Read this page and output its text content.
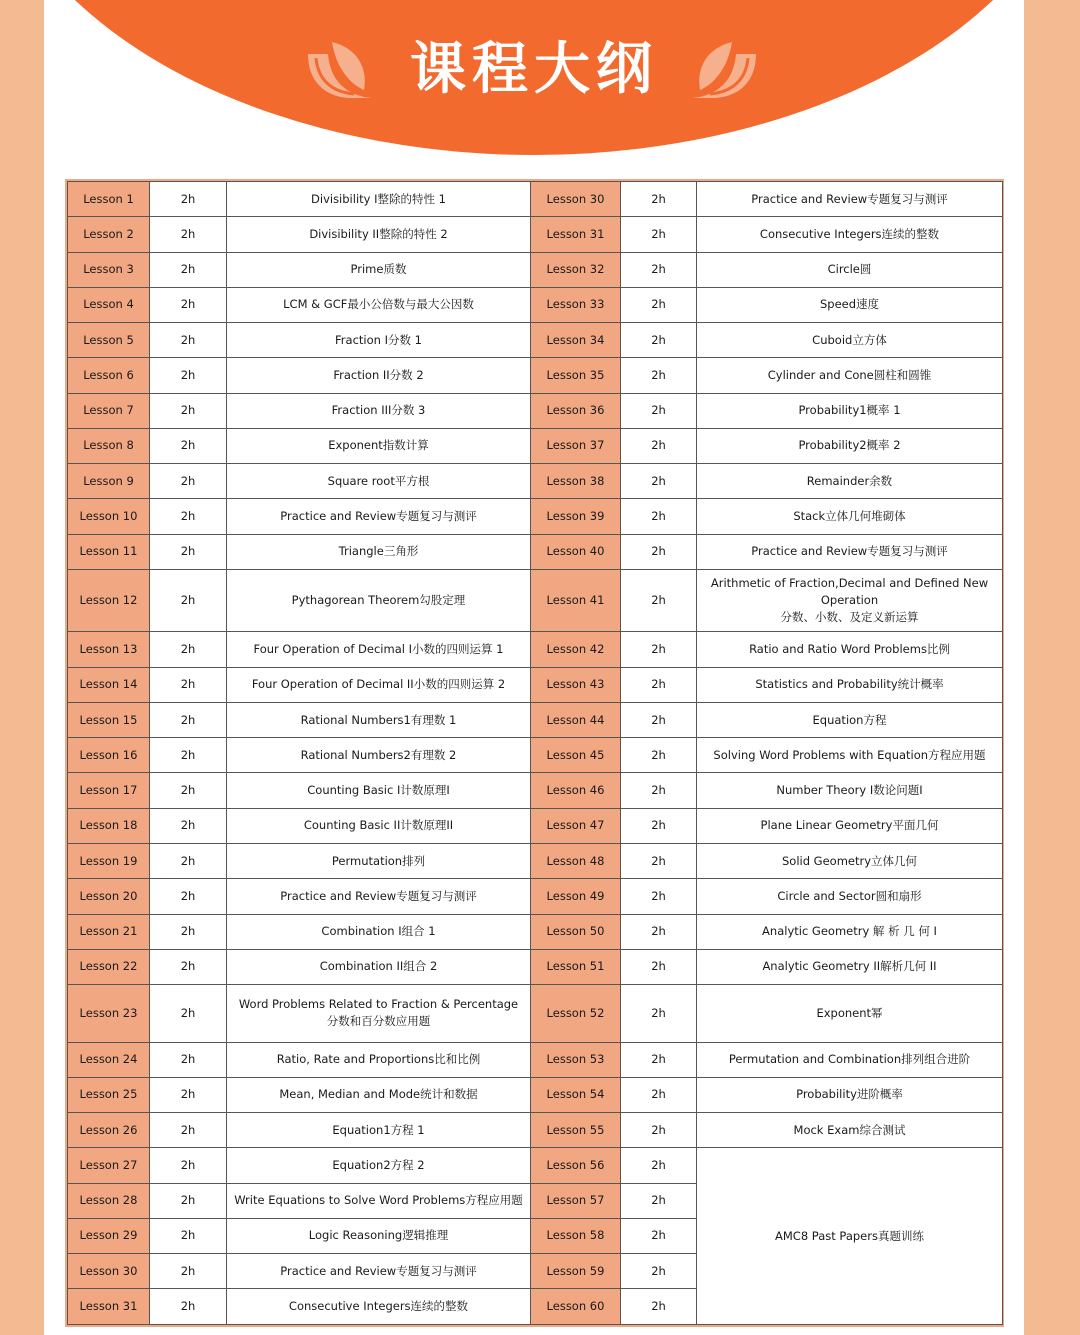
课程大纲
Lesson 1	2h	Divisibility I整除的特性 1	Lesson 30	2h	Practice and Review专题复习与测评
Lesson 2	2h	Divisibility II整除的特性 2	Lesson 31	2h	Consecutive Integers连续的整数
Lesson 3	2h	Prime质数	Lesson 32	2h	Circle圆
Lesson 4	2h	LCM & GCF最小公倍数与最大公因数	Lesson 33	2h	Speed速度
Lesson 5	2h	Fraction I分数 1	Lesson 34	2h	Cuboid立方体
Lesson 6	2h	Fraction II分数 2	Lesson 35	2h	Cylinder and Cone圆柱和圆锥
Lesson 7	2h	Fraction III分数 3	Lesson 36	2h	Probability1概率 1
Lesson 8	2h	Exponent指数计算	Lesson 37	2h	Probability2概率 2
Lesson 9	2h	Square root平方根	Lesson 38	2h	Remainder余数
Lesson 10	2h	Practice and Review专题复习与测评	Lesson 39	2h	Stack立体几何堆砌体
Lesson 11	2h	Triangle三角形	Lesson 40	2h	Practice and Review专题复习与测评
Lesson 12	2h	Pythagorean Theorem勾股定理	Lesson 41	2h	Arithmetic of Fraction,Decimal and Defined New Operation
分数、小数、及定义新运算

Lesson 13	2h	Four Operation of Decimal I小数的四则运算 1	Lesson 42	2h	Ratio and Ratio Word Problems比例
Lesson 14	2h	Four Operation of Decimal II小数的四则运算 2	Lesson 43	2h	Statistics and Probability统计概率
Lesson 15	2h	Rational Numbers1有理数 1	Lesson 44	2h	Equation方程
Lesson 16	2h	Rational Numbers2有理数 2	Lesson 45	2h	Solving Word Problems with Equation方程应用题
Lesson 17	2h	Counting Basic I计数原理I	Lesson 46	2h	Number Theory I数论问题I
Lesson 18	2h	Counting Basic II计数原理II	Lesson 47	2h	Plane Linear Geometry平面几何
Lesson 19	2h	Permutation排列	Lesson 48	2h	Solid Geometry立体几何
Lesson 20	2h	Practice and Review专题复习与测评	Lesson 49	2h	Circle and Sector圆和扇形
Lesson 21	2h	Combination I组合 1	Lesson 50	2h	Analytic Geometry 解 析 几 何 I
Lesson 22	2h	Combination II组合 2	Lesson 51	2h	Analytic Geometry II解析几何 II
Lesson 23	2h	Word Problems Related to Fraction & Percentage
分数和百分数应用题	Lesson 52	2h	Exponent幂
Lesson 24	2h	Ratio, Rate and Proportions比和比例	Lesson 53	2h	Permutation and Combination排列组合进阶
Lesson 25	2h	Mean, Median and Mode统计和数据	Lesson 54	2h	Probability进阶概率
Lesson 26	2h	Equation1方程 1	Lesson 55	2h	Mock Exam综合测试
Lesson 27	2h	Equation2方程 2	Lesson 56	2h	AMC8 Past Papers真题训练
Lesson 28	2h	Write Equations to Solve Word Problems方程应用题	Lesson 57	2h	
Lesson 29	2h	Logic Reasoning逻辑推理	Lesson 58	2h	
Lesson 30	2h	Practice and Review专题复习与测评	Lesson 59	2h	
Lesson 31	2h	Consecutive Integers连续的整数	Lesson 60	2h	
